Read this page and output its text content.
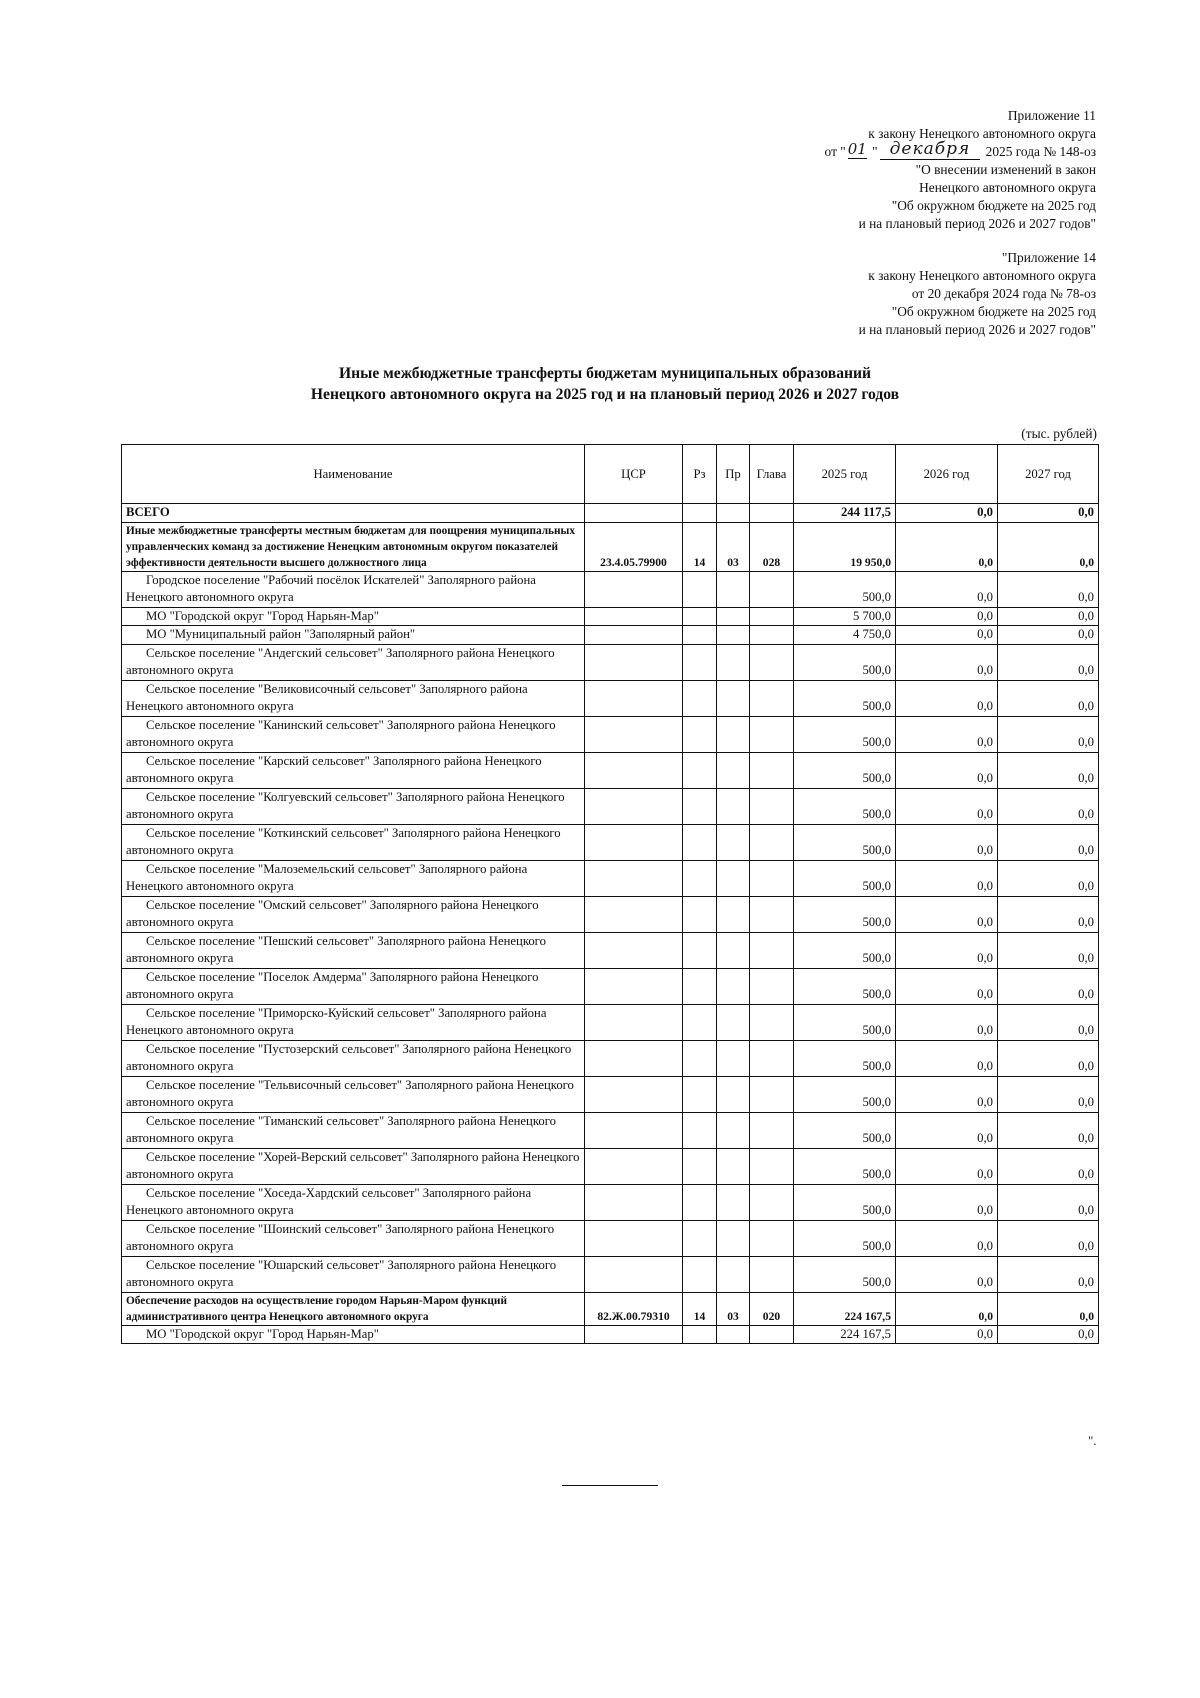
Приложение 11
к закону Ненецкого автономного округа
от " 01 " декабря 2025 года № 148-оз
"О внесении изменений в закон
Ненецкого автономного округа
"Об окружном бюджете на 2025 год
и на плановый период 2026 и 2027 годов"
"Приложение 14
к закону Ненецкого автономного округа
от 20 декабря 2024 года № 78-оз
"Об окружном бюджете на 2025 год
и на плановый период 2026 и 2027 годов"
Иные межбюджетные трансферты бюджетам муниципальных образований
Ненецкого автономного округа на 2025 год и на плановый период 2026 и 2027 годов
(тыс. рублей)
Наименование	ЦСР	Рз	Пр	Глава	2025 год	2026 год	2027 год
ВСЕГО					244 117,5	0,0	0,0
Иные межбюджетные трансферты местным бюджетам для поощрения муниципальных управленческих команд за достижение Ненецким автономным округом показателей эффективности деятельности высшего должностного лица	23.4.05.79900	14	03	028	19 950,0	0,0	0,0
Городское поселение "Рабочий посёлок Искателей" Заполярного района Ненецкого автономного округа					500,0	0,0	0,0
МО "Городской округ "Город Нарьян-Мар"					5 700,0	0,0	0,0
МО "Муниципальный район "Заполярный район"					4 750,0	0,0	0,0
Сельское поселение "Андегский сельсовет" Заполярного района Ненецкого автономного округа					500,0	0,0	0,0
Сельское поселение "Великовисочный сельсовет" Заполярного района Ненецкого автономного округа					500,0	0,0	0,0
Сельское поселение "Канинский сельсовет" Заполярного района Ненецкого автономного округа					500,0	0,0	0,0
Сельское поселение "Карский сельсовет" Заполярного района Ненецкого автономного округа					500,0	0,0	0,0
Сельское поселение "Колгуевский сельсовет" Заполярного района Ненецкого автономного округа					500,0	0,0	0,0
Сельское поселение "Коткинский сельсовет" Заполярного района Ненецкого автономного округа					500,0	0,0	0,0
Сельское поселение "Малоземельский сельсовет" Заполярного района Ненецкого автономного округа					500,0	0,0	0,0
Сельское поселение "Омский сельсовет" Заполярного района Ненецкого автономного округа					500,0	0,0	0,0
Сельское поселение "Пешский сельсовет" Заполярного района Ненецкого автономного округа					500,0	0,0	0,0
Сельское поселение "Поселок Амдерма" Заполярного района Ненецкого автономного округа					500,0	0,0	0,0
Сельское поселение "Приморско-Куйский сельсовет" Заполярного района Ненецкого автономного округа					500,0	0,0	0,0
Сельское поселение "Пустозерский сельсовет" Заполярного района Ненецкого автономного округа					500,0	0,0	0,0
Сельское поселение "Тельвисочный сельсовет" Заполярного района Ненецкого автономного округа					500,0	0,0	0,0
Сельское поселение "Тиманский сельсовет" Заполярного района Ненецкого автономного округа					500,0	0,0	0,0
Сельское поселение "Хорей-Верский сельсовет" Заполярного района Ненецкого автономного округа					500,0	0,0	0,0
Сельское поселение "Хоседа-Хардский сельсовет" Заполярного района Ненецкого автономного округа					500,0	0,0	0,0
Сельское поселение "Шоинский сельсовет" Заполярного района Ненецкого автономного округа					500,0	0,0	0,0
Сельское поселение "Юшарский сельсовет" Заполярного района Ненецкого автономного округа					500,0	0,0	0,0
Обеспечение расходов на осуществление городом Нарьян-Маром функций административного центра Ненецкого автономного округа	82.Ж.00.79310	14	03	020	224 167,5	0,0	0,0
МО "Городской округ "Город Нарьян-Мар"					224 167,5	0,0	0,0
".
